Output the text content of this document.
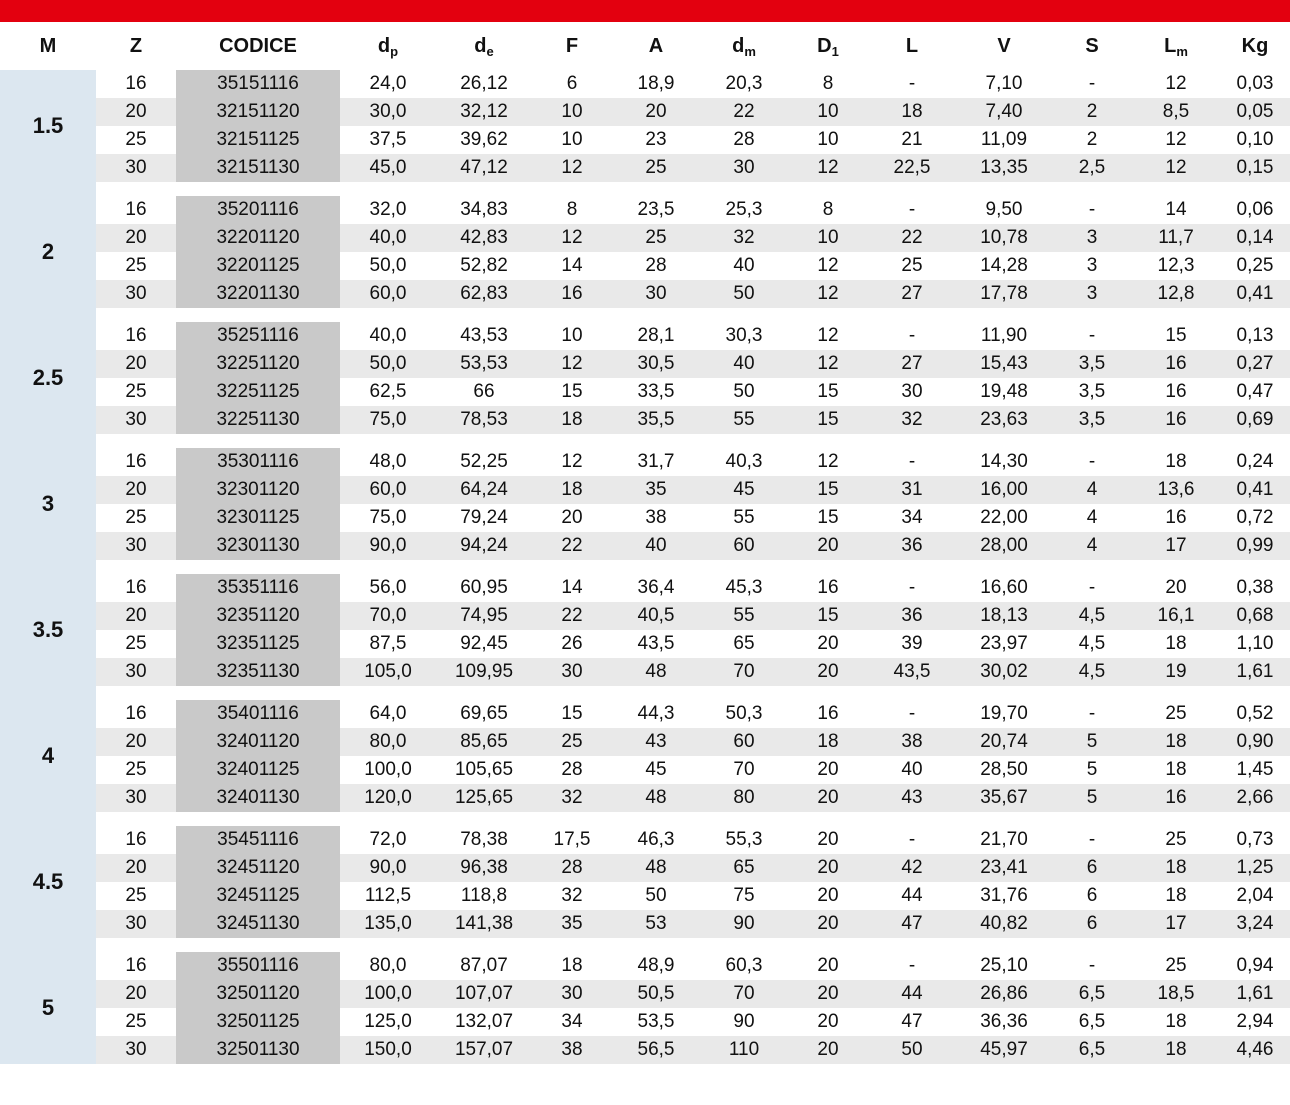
M	Z	CODICE	$d_p$	$d_e$	F	A	$d_m$	$D_1$	L	V	S	$L_m$	Kg
1.5	16	35151116	24,0	26,12	6	18,9	20,3	8	-	7,10	-	12	0,03
	20	32151120	30,0	32,12	10	20	22	10	18	7,40	2	8,5	0,05
	25	32151125	37,5	39,62	10	23	28	10	21	11,09	2	12	0,10
	30	32151130	45,0	47,12	12	25	30	12	22,5	13,35	2,5	12	0,15

2	16	35201116	32,0	34,83	8	23,5	25,3	8	-	9,50	-	14	0,06
	20	32201120	40,0	42,83	12	25	32	10	22	10,78	3	11,7	0,14
	25	32201125	50,0	52,82	14	28	40	12	25	14,28	3	12,3	0,25
	30	32201130	60,0	62,83	16	30	50	12	27	17,78	3	12,8	0,41

2.5	16	35251116	40,0	43,53	10	28,1	30,3	12	-	11,90	-	15	0,13
	20	32251120	50,0	53,53	12	30,5	40	12	27	15,43	3,5	16	0,27
	25	32251125	62,5	66	15	33,5	50	15	30	19,48	3,5	16	0,47
	30	32251130	75,0	78,53	18	35,5	55	15	32	23,63	3,5	16	0,69

3	16	35301116	48,0	52,25	12	31,7	40,3	12	-	14,30	-	18	0,24
	20	32301120	60,0	64,24	18	35	45	15	31	16,00	4	13,6	0,41
	25	32301125	75,0	79,24	20	38	55	15	34	22,00	4	16	0,72
	30	32301130	90,0	94,24	22	40	60	20	36	28,00	4	17	0,99

3.5	16	35351116	56,0	60,95	14	36,4	45,3	16	-	16,60	-	20	0,38
	20	32351120	70,0	74,95	22	40,5	55	15	36	18,13	4,5	16,1	0,68
	25	32351125	87,5	92,45	26	43,5	65	20	39	23,97	4,5	18	1,10
	30	32351130	105,0	109,95	30	48	70	20	43,5	30,02	4,5	19	1,61

4	16	35401116	64,0	69,65	15	44,3	50,3	16	-	19,70	-	25	0,52
	20	32401120	80,0	85,65	25	43	60	18	38	20,74	5	18	0,90
	25	32401125	100,0	105,65	28	45	70	20	40	28,50	5	18	1,45
	30	32401130	120,0	125,65	32	48	80	20	43	35,67	5	16	2,66

4.5	16	35451116	72,0	78,38	17,5	46,3	55,3	20	-	21,70	-	25	0,73
	20	32451120	90,0	96,38	28	48	65	20	42	23,41	6	18	1,25
	25	32451125	112,5	118,8	32	50	75	20	44	31,76	6	18	2,04
	30	32451130	135,0	141,38	35	53	90	20	47	40,82	6	17	3,24

5	16	35501116	80,0	87,07	18	48,9	60,3	20	-	25,10	-	25	0,94
	20	32501120	100,0	107,07	30	50,5	70	20	44	26,86	6,5	18,5	1,61
	25	32501125	125,0	132,07	34	53,5	90	20	47	36,36	6,5	18	2,94
	30	32501130	150,0	157,07	38	56,5	110	20	50	45,97	6,5	18	4,46
